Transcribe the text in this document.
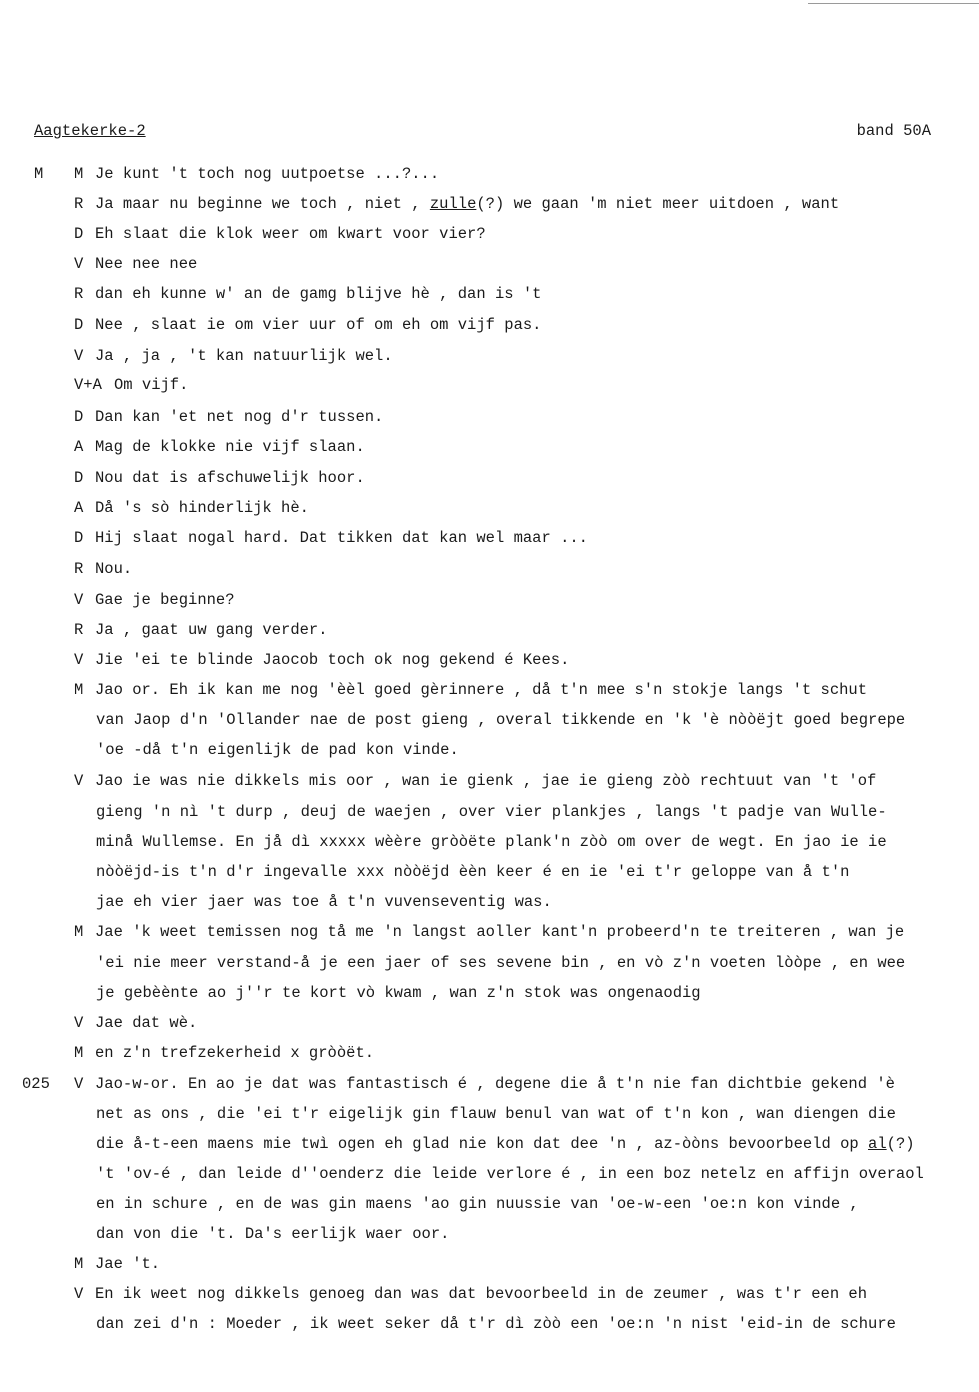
Aagtekerke-2	band 50A
M Je kunt 't toch nog uutpoetse ...?...
R Ja maar nu beginne we toch , niet , zulle(?) we gaan 'm niet meer uitdoen , want
D Eh slaat die klok weer om kwart voor vier?
V Nee nee nee
R dan eh kunne w' an de gamg blijve hè , dan is 't
D Nee , slaat ie om vier uur of om eh om vijf pas.
V Ja , ja , 't kan natuurlijk wel.
V+A Om vijf.
D Dan kan 'et net nog d'r tussen.
A Mag de klokke nie vijf slaan.
D Nou dat is afschuwelijk hoor.
A Då 's sò hinderlijk hè.
D Hij slaat nogal hard. Dat tikken dat kan wel maar ...
R Nou.
V Gae je beginne?
R Ja , gaat uw gang verder.
V Jie 'ei te blinde Jaocob toch ok nog gekend é Kees.
M Jao or. Eh ik kan me nog 'èèl goed gèrinnere , då t'n mee s'n stokje langs 't schut
van Jaop d'n 'Ollander nae de post gieng , overal tikkende en 'k 'è nòòëjt goed begrepe
'oe -då t'n eigenlijk de pad kon vinde.
V Jao ie was nie dikkels mis oor , wan ie gienk , jae ie gieng zòò rechtuut van 't 'of
gieng 'n nì 't durp , deuj de waejen , over vier plankjes , langs 't padje van Wulle-
minå Wullemse. En jå dì xxxxx wèère gròòëte plank'n zòò om over de wegt. En jao ie ie
nòòëjd-is t'n d'r ingevalle xxx nòòëjd èèn keer é en ie 'ei t'r geloppe van å t'n
jae eh vier jaer was toe å t'n vuvenseventig was.
M Jae 'k weet temissen nog tå me 'n langst aoller kant'n probeerd'n te treiteren , wan je
'ei nie meer verstand-å je een jaer of ses sevene bin , en vò z'n voeten lòòpe , en wee
je gebèènte ao j''r te kort vò kwam , wan z'n stok was ongenaodig
V Jae dat wè.
M en z'n trefzekerheid x gròòët.
V Jao-w-or. En ao je dat was fantastisch é , degene die å t'n nie fan dichtbie gekend 'è
net as ons , die 'ei t'r eigelijk gin flauw benul van wat of t'n kon , wan diengen die
die å-t-een maens mie twì ogen eh glad nie kon dat dee 'n , az-òòns bevoorbeeld op al(?)
't 'ov-é , dan leide d''oenderz die leide verlore é , in een boz netelz en affijn overaol
en in schure , en de was gin maens 'ao gin nuussie van 'oe-w-een 'oe:n kon vinde ,
dan von die 't. Da's eerlijk waer oor.
M Jae 't.
V En ik weet nog dikkels genoeg dan was dat bevoorbeeld in de zeumer , was t'r een eh
dan zei d'n : Moeder , ik weet seker då t'r dì zòò een 'oe:n 'n nist 'eid-in de schure
M
025
